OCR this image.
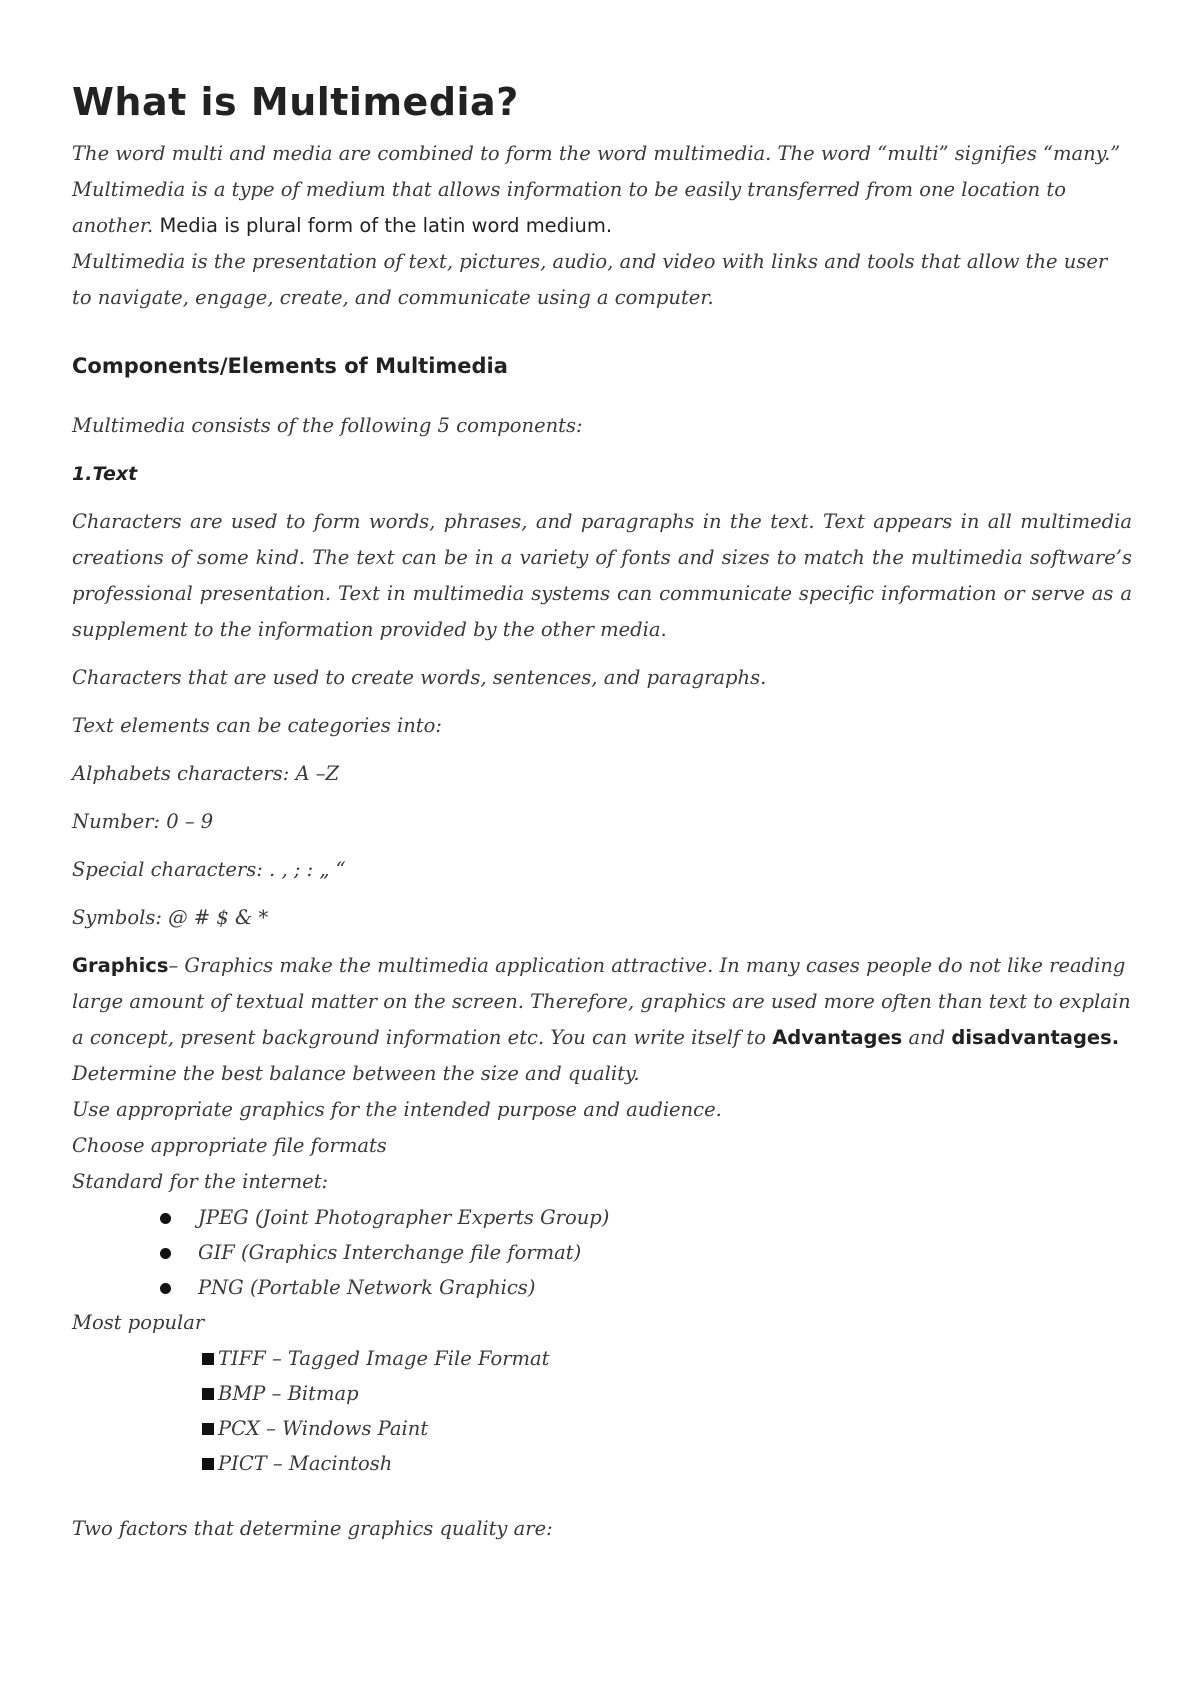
What is Multimedia?

The word multi and media are combined to form the word multimedia. The word “multi” signifies “many.” Multimedia is a type of medium that allows information to be easily transferred from one location to another. Media is plural form of the latin word medium.

Multimedia is the presentation of text, pictures, audio, and video with links and tools that allow the user to navigate, engage, create, and communicate using a computer.

Components/Elements of Multimedia

Multimedia consists of the following 5 components:

1.Text

Characters are used to form words, phrases, and paragraphs in the text. Text appears in all multimedia creations of some kind. The text can be in a variety of fonts and sizes to match the multimedia software’s professional presentation. Text in multimedia systems can communicate specific information or serve as a supplement to the information provided by the other media.

Characters that are used to create words, sentences, and paragraphs.

Text elements can be categories into:

Alphabets characters: A –Z

Number: 0 – 9

Special characters: . , ; : „ “

Symbols: @ # $ & *

Graphics– Graphics make the multimedia application attractive. In many cases people do not like reading large amount of textual matter on the screen. Therefore, graphics are used more often than text to explain a concept, present background information etc. You can write itself to Advantages and disadvantages.

Determine the best balance between the size and quality.

Use appropriate graphics for the intended purpose and audience.

Choose appropriate file formats

Standard for the internet:

JPEG (Joint Photographer Experts Group)
GIF (Graphics Interchange file format)
PNG (Portable Network Graphics)

Most popular

TIFF – Tagged Image File Format
BMP – Bitmap
PCX – Windows Paint
PICT – Macintosh

Two factors that determine graphics quality are:
